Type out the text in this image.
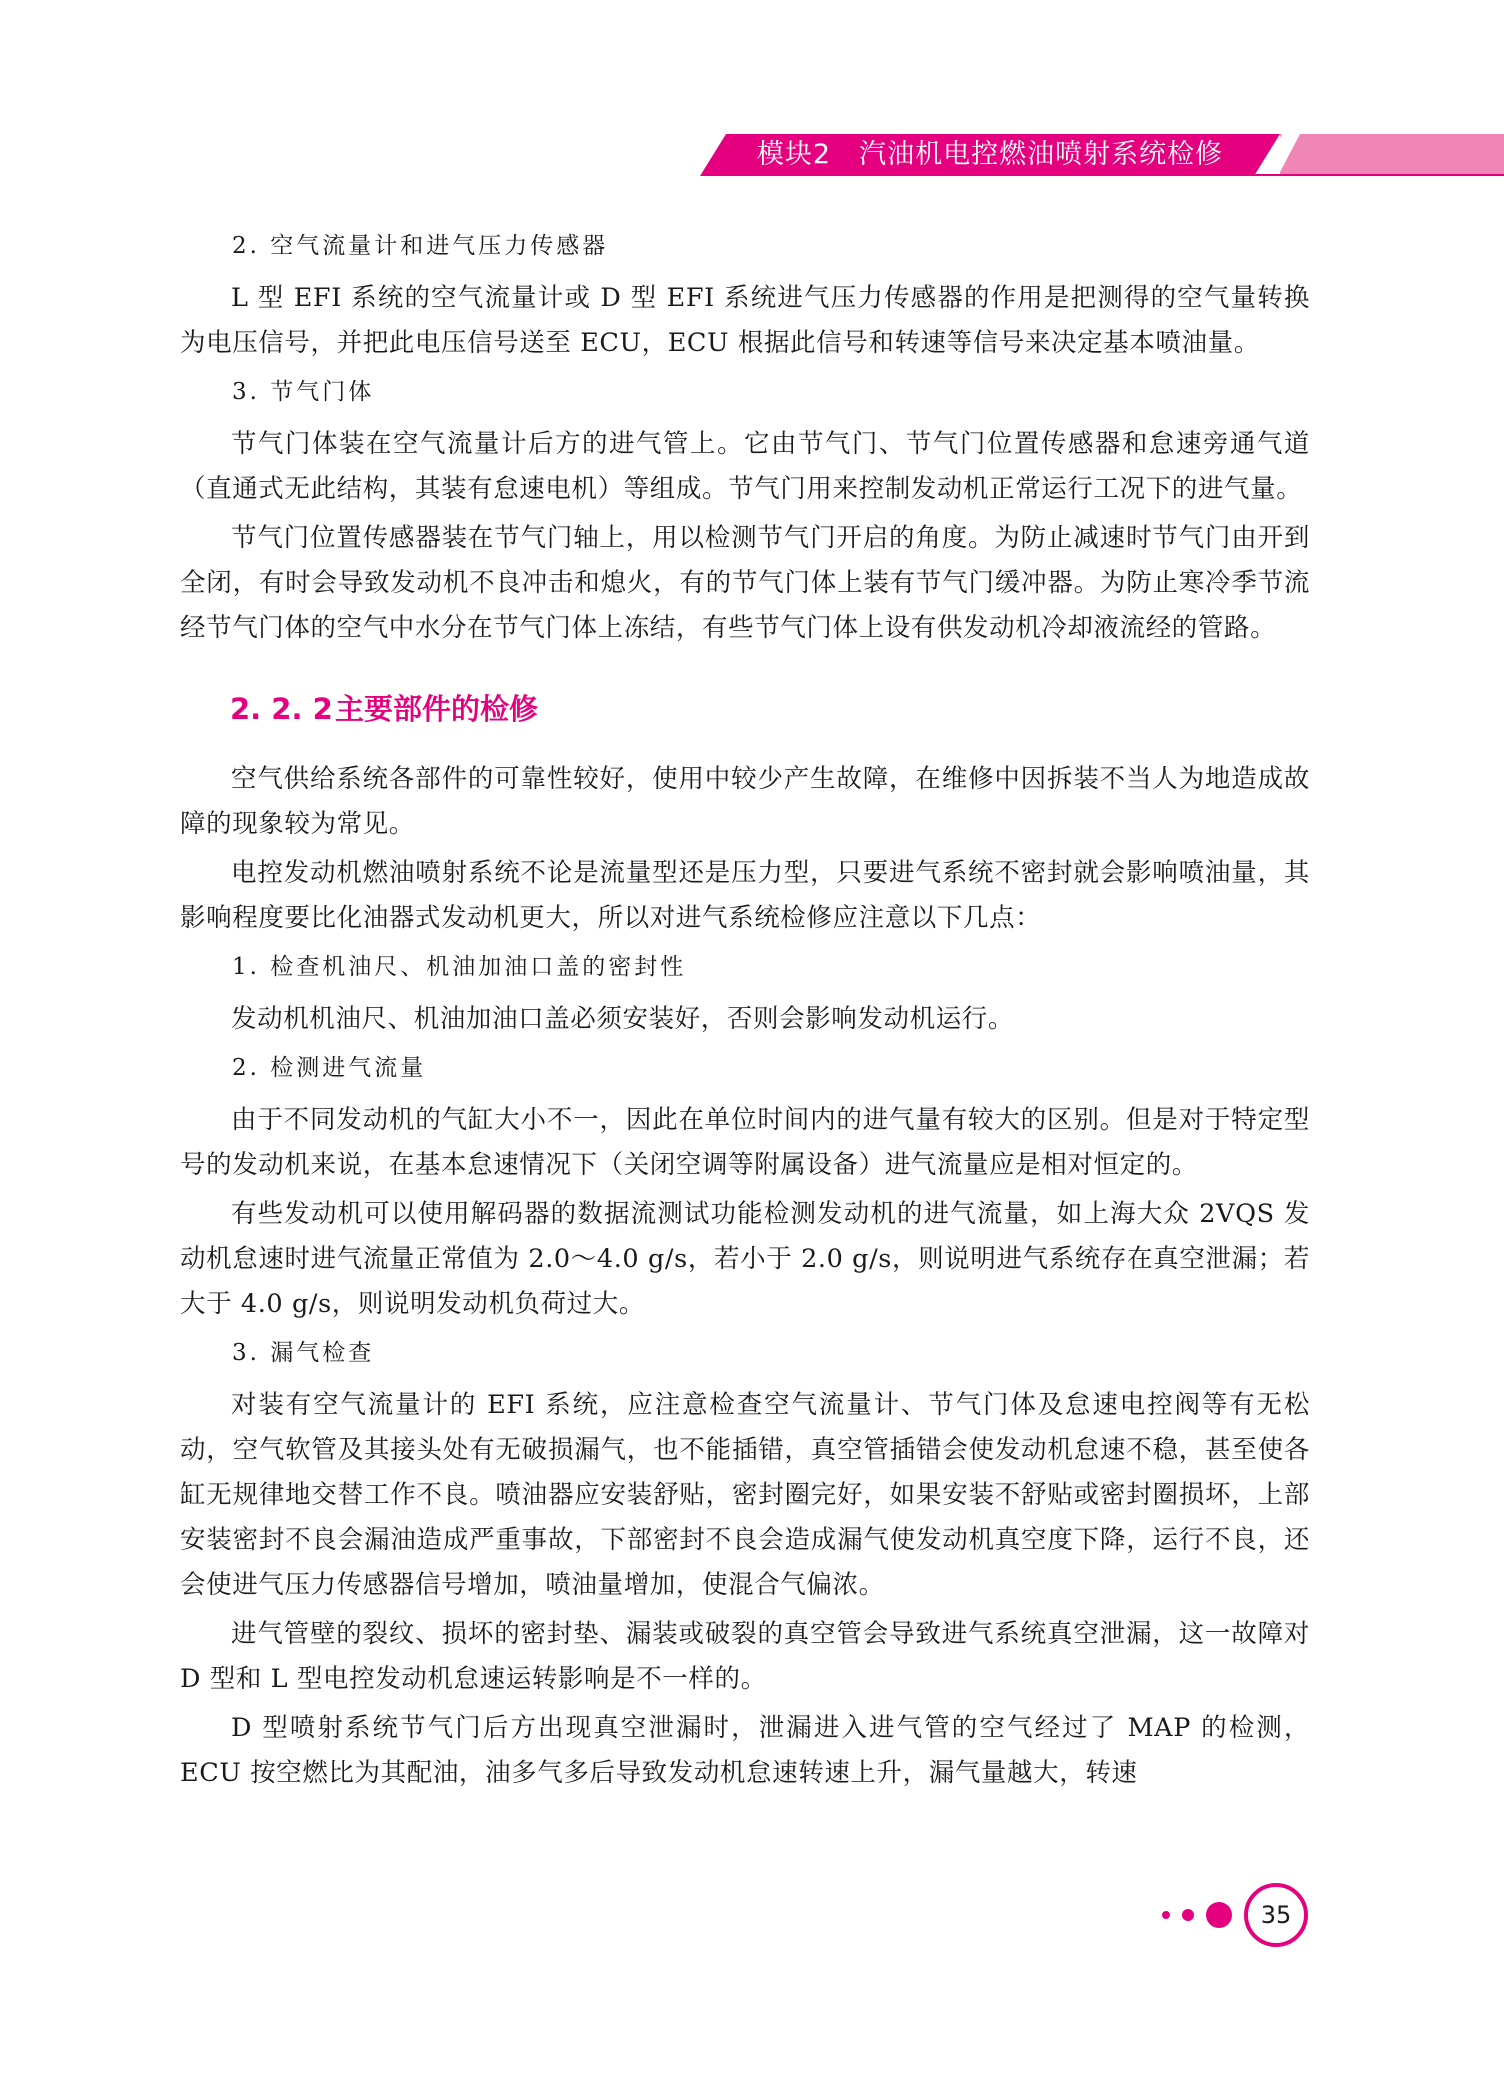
模块2　汽油机电控燃油喷射系统检修
2. 空气流量计和进气压力传感器

L 型 EFI 系统的空气流量计或 D 型 EFI 系统进气压力传感器的作用是把测得的空气量转换为电压信号，并把此电压信号送至 ECU，ECU 根据此信号和转速等信号来决定基本喷油量。

3. 节气门体

节气门体装在空气流量计后方的进气管上。它由节气门、节气门位置传感器和怠速旁通气道（直通式无此结构，其装有怠速电机）等组成。节气门用来控制发动机正常运行工况下的进气量。

节气门位置传感器装在节气门轴上，用以检测节气门开启的角度。为防止减速时节气门由开到全闭，有时会导致发动机不良冲击和熄火，有的节气门体上装有节气门缓冲器。为防止寒冷季节流经节气门体的空气中水分在节气门体上冻结，有些节气门体上设有供发动机冷却液流经的管路。

2. 2. 2主要部件的检修

空气供给系统各部件的可靠性较好，使用中较少产生故障，在维修中因拆装不当人为地造成故障的现象较为常见。

电控发动机燃油喷射系统不论是流量型还是压力型，只要进气系统不密封就会影响喷油量，其影响程度要比化油器式发动机更大，所以对进气系统检修应注意以下几点：

1. 检查机油尺、机油加油口盖的密封性

发动机机油尺、机油加油口盖必须安装好，否则会影响发动机运行。

2. 检测进气流量

由于不同发动机的气缸大小不一，因此在单位时间内的进气量有较大的区别。但是对于特定型号的发动机来说，在基本怠速情况下（关闭空调等附属设备）进气流量应是相对恒定的。

有些发动机可以使用解码器的数据流测试功能检测发动机的进气流量，如上海大众 2VQS 发动机怠速时进气流量正常值为 2.0～4.0 g/s，若小于 2.0 g/s，则说明进气系统存在真空泄漏；若大于 4.0 g/s，则说明发动机负荷过大。

3. 漏气检查

对装有空气流量计的 EFI 系统，应注意检查空气流量计、节气门体及怠速电控阀等有无松动，空气软管及其接头处有无破损漏气，也不能插错，真空管插错会使发动机怠速不稳，甚至使各缸无规律地交替工作不良。喷油器应安装舒贴，密封圈完好，如果安装不舒贴或密封圈损坏，上部安装密封不良会漏油造成严重事故，下部密封不良会造成漏气使发动机真空度下降，运行不良，还会使进气压力传感器信号增加，喷油量增加，使混合气偏浓。

进气管壁的裂纹、损坏的密封垫、漏装或破裂的真空管会导致进气系统真空泄漏，这一故障对 D 型和 L 型电控发动机怠速运转影响是不一样的。

D 型喷射系统节气门后方出现真空泄漏时，泄漏进入进气管的空气经过了 MAP 的检测，ECU 按空燃比为其配油，油多气多后导致发动机怠速转速上升，漏气量越大，转速

35
